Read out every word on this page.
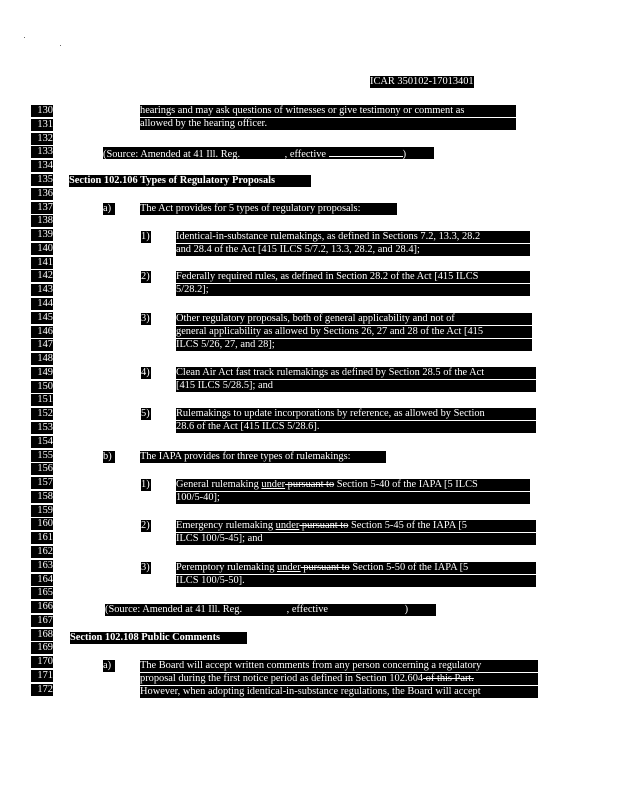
ICAR 350102-17013401
130
131
132
133
134
135
136
137
138
139
140
141
142
143
144
145
146
147
148
149
150
151
152
153
154
155
156
157
158
159
160
161
162
163
164
165
166
167
168
169
170
171
172
hearings and may ask questions of witnesses or give testimony or comment as
allowed by the hearing officer.
(Source: Amended at 41 Ill. Reg.	, effective	)
Section 102.106 Types of Regulatory Proposals
a)	The Act provides for 5 types of regulatory proposals:
1)	Identical-in-substance rulemakings, as defined in Sections 7.2, 13.3, 28.2
and 28.4 of the Act [415 ILCS 5/7.2, 13.3, 28.2, and 28.4];
2)	Federally required rules, as defined in Section 28.2 of the Act [415 ILCS
5/28.2];
3)	Other regulatory proposals, both of general applicability and not of
general applicability as allowed by Sections 26, 27 and 28 of the Act [415
ILCS 5/26, 27, and 28];
4)	Clean Air Act fast track rulemakings as defined by Section 28.5 of the Act
[415 ILCS 5/28.5]; and
5)	Rulemakings to update incorporations by reference, as allowed by Section
28.6 of the Act [415 ILCS 5/28.6].
b)	The IAPA provides for three types of rulemakings:
1)	General rulemaking under pursuant to Section 5-40 of the IAPA [5 ILCS
100/5-40];
2)	Emergency rulemaking under pursuant to Section 5-45 of the IAPA [5
ILCS 100/5-45]; and
3)	Peremptory rulemaking under pursuant to Section 5-50 of the IAPA [5
ILCS 100/5-50].
(Source: Amended at 41 Ill. Reg.	, effective	)
Section 102.108 Public Comments
a)	The Board will accept written comments from any person concerning a regulatory
proposal during the first notice period as defined in Section 102.604 of this Part.
However, when adopting identical-in-substance regulations, the Board will accept
